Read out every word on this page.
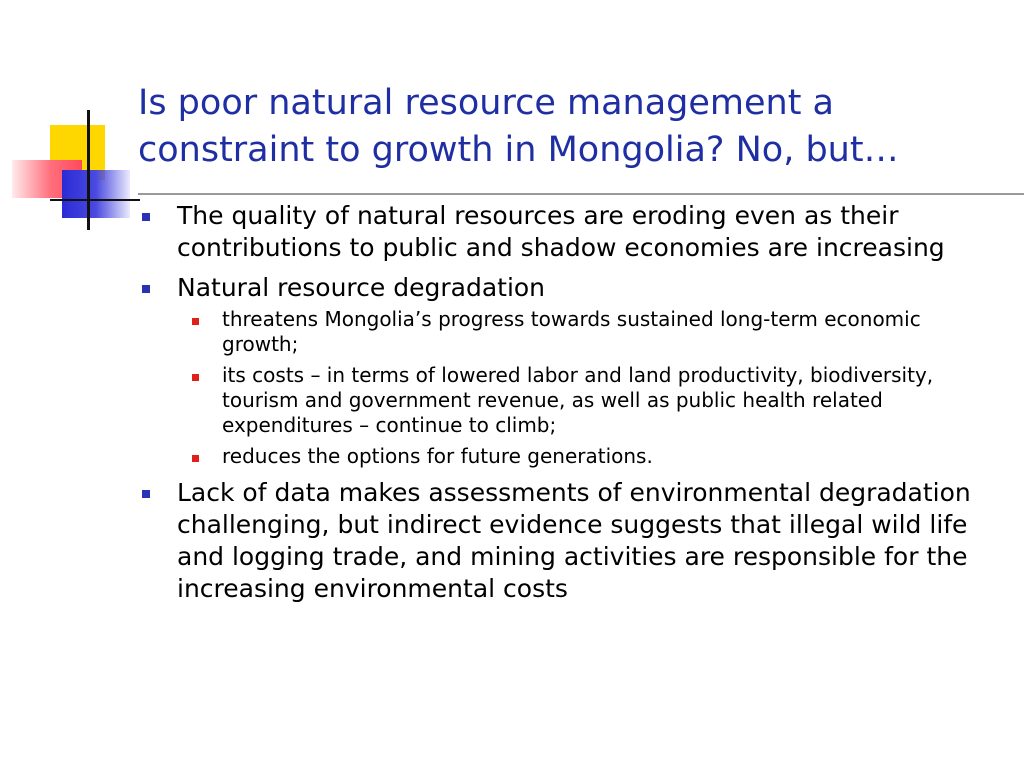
Is poor natural resource management a constraint to growth in Mongolia? No, but…

The quality of natural resources are eroding even as their contributions to public and shadow economies are increasing

Natural resource degradation

threatens Mongolia’s progress towards sustained long-term economic growth;

its costs – in terms of lowered labor and land productivity, biodiversity, tourism and government revenue, as well as public health related expenditures – continue to climb;

reduces the options for future generations.

Lack of data makes assessments of environmental degradation challenging, but indirect evidence suggests that illegal wild life and logging trade, and mining activities are responsible for the increasing environmental costs
